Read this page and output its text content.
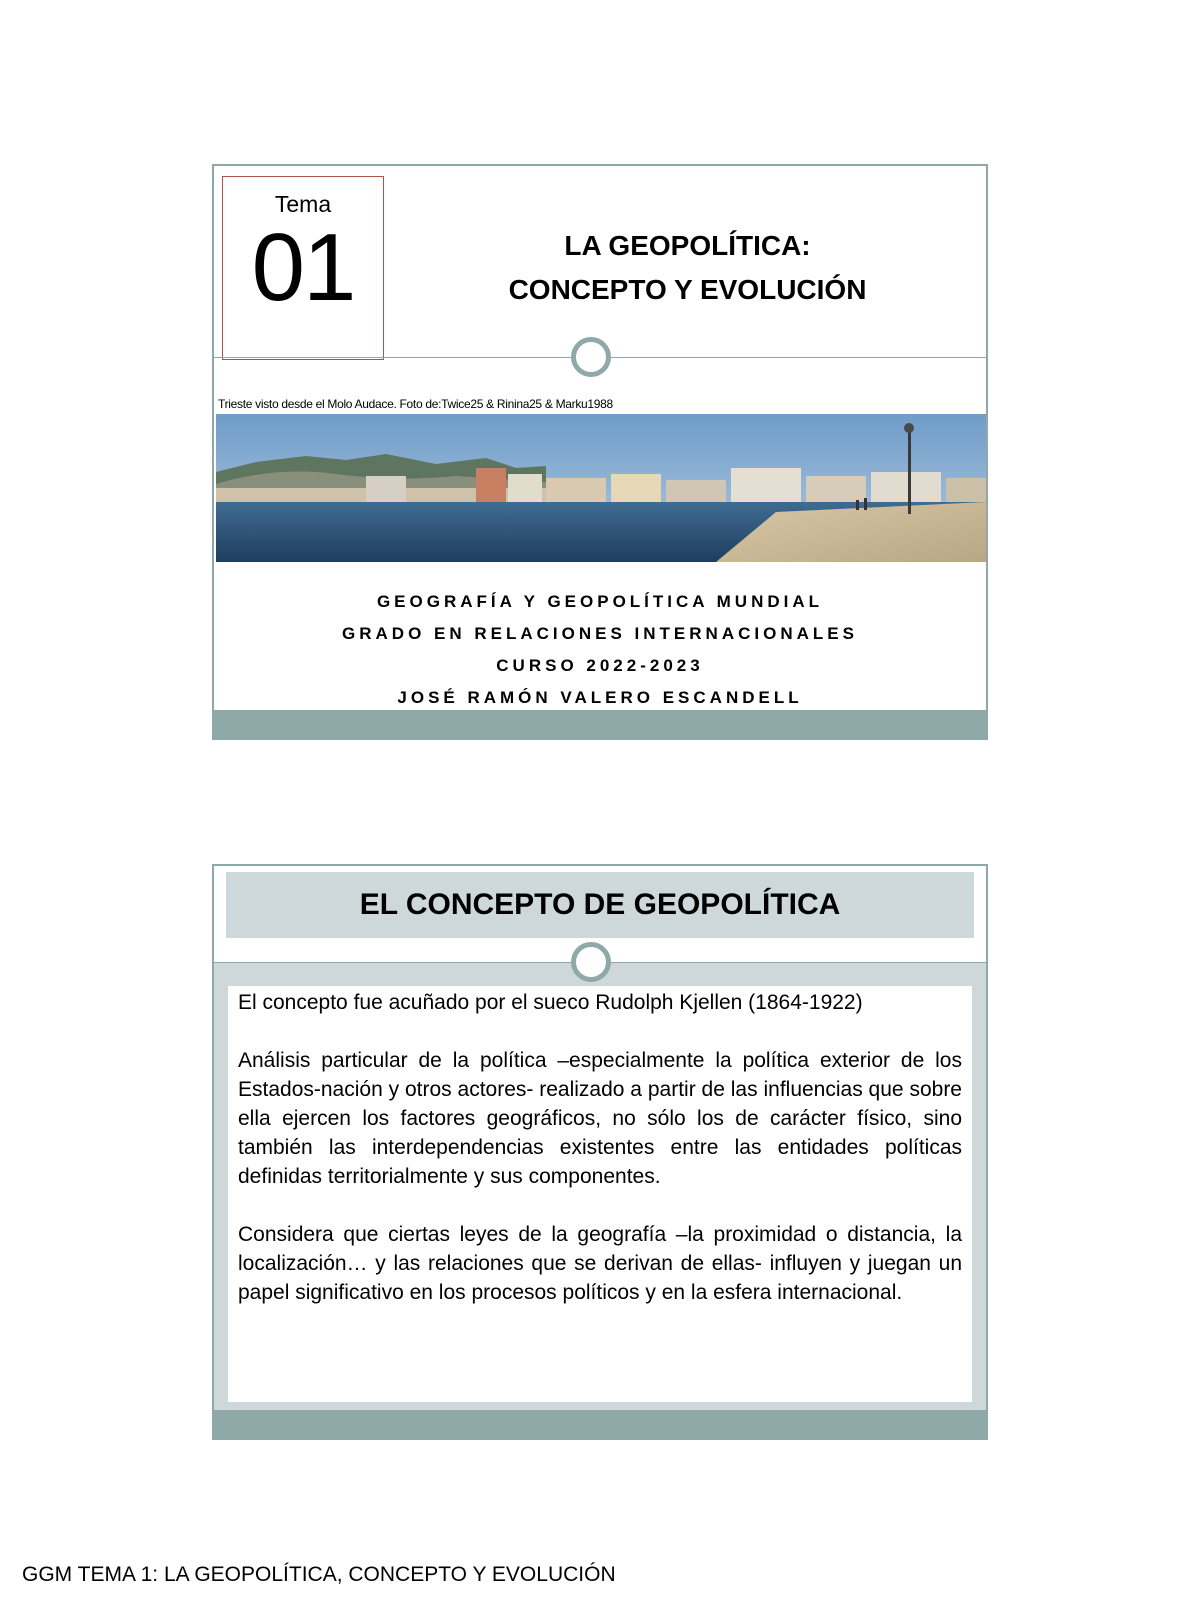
Tema
01	LA GEOPOLÍTICA:
CONCEPTO Y EVOLUCIÓN
Trieste visto desde el Molo Audace. Foto de:Twice25 & Rinina25 & Marku1988
GEOGRAFÍA Y GEOPOLÍTICA MUNDIAL
GRADO EN RELACIONES INTERNACIONALES
CURSO 2022-2023
JOSÉ RAMÓN VALERO ESCANDELL
EL CONCEPTO DE GEOPOLÍTICA

El concepto fue acuñado por el sueco Rudolph Kjellen (1864-1922)

Análisis particular de la política –especialmente la política exterior de los Estados-nación y otros actores- realizado a partir de las influencias que sobre ella ejercen los factores geográficos, no sólo los de carácter físico, sino también las interdependencias existentes entre las entidades políticas definidas territorialmente y sus componentes.

Considera que ciertas leyes de la geografía –la proximidad o distancia, la localización… y las relaciones que se derivan de ellas- influyen y juegan un papel significativo en los procesos políticos y en la esfera internacional.

GGM TEMA 1: LA GEOPOLÍTICA, CONCEPTO Y EVOLUCIÓN
